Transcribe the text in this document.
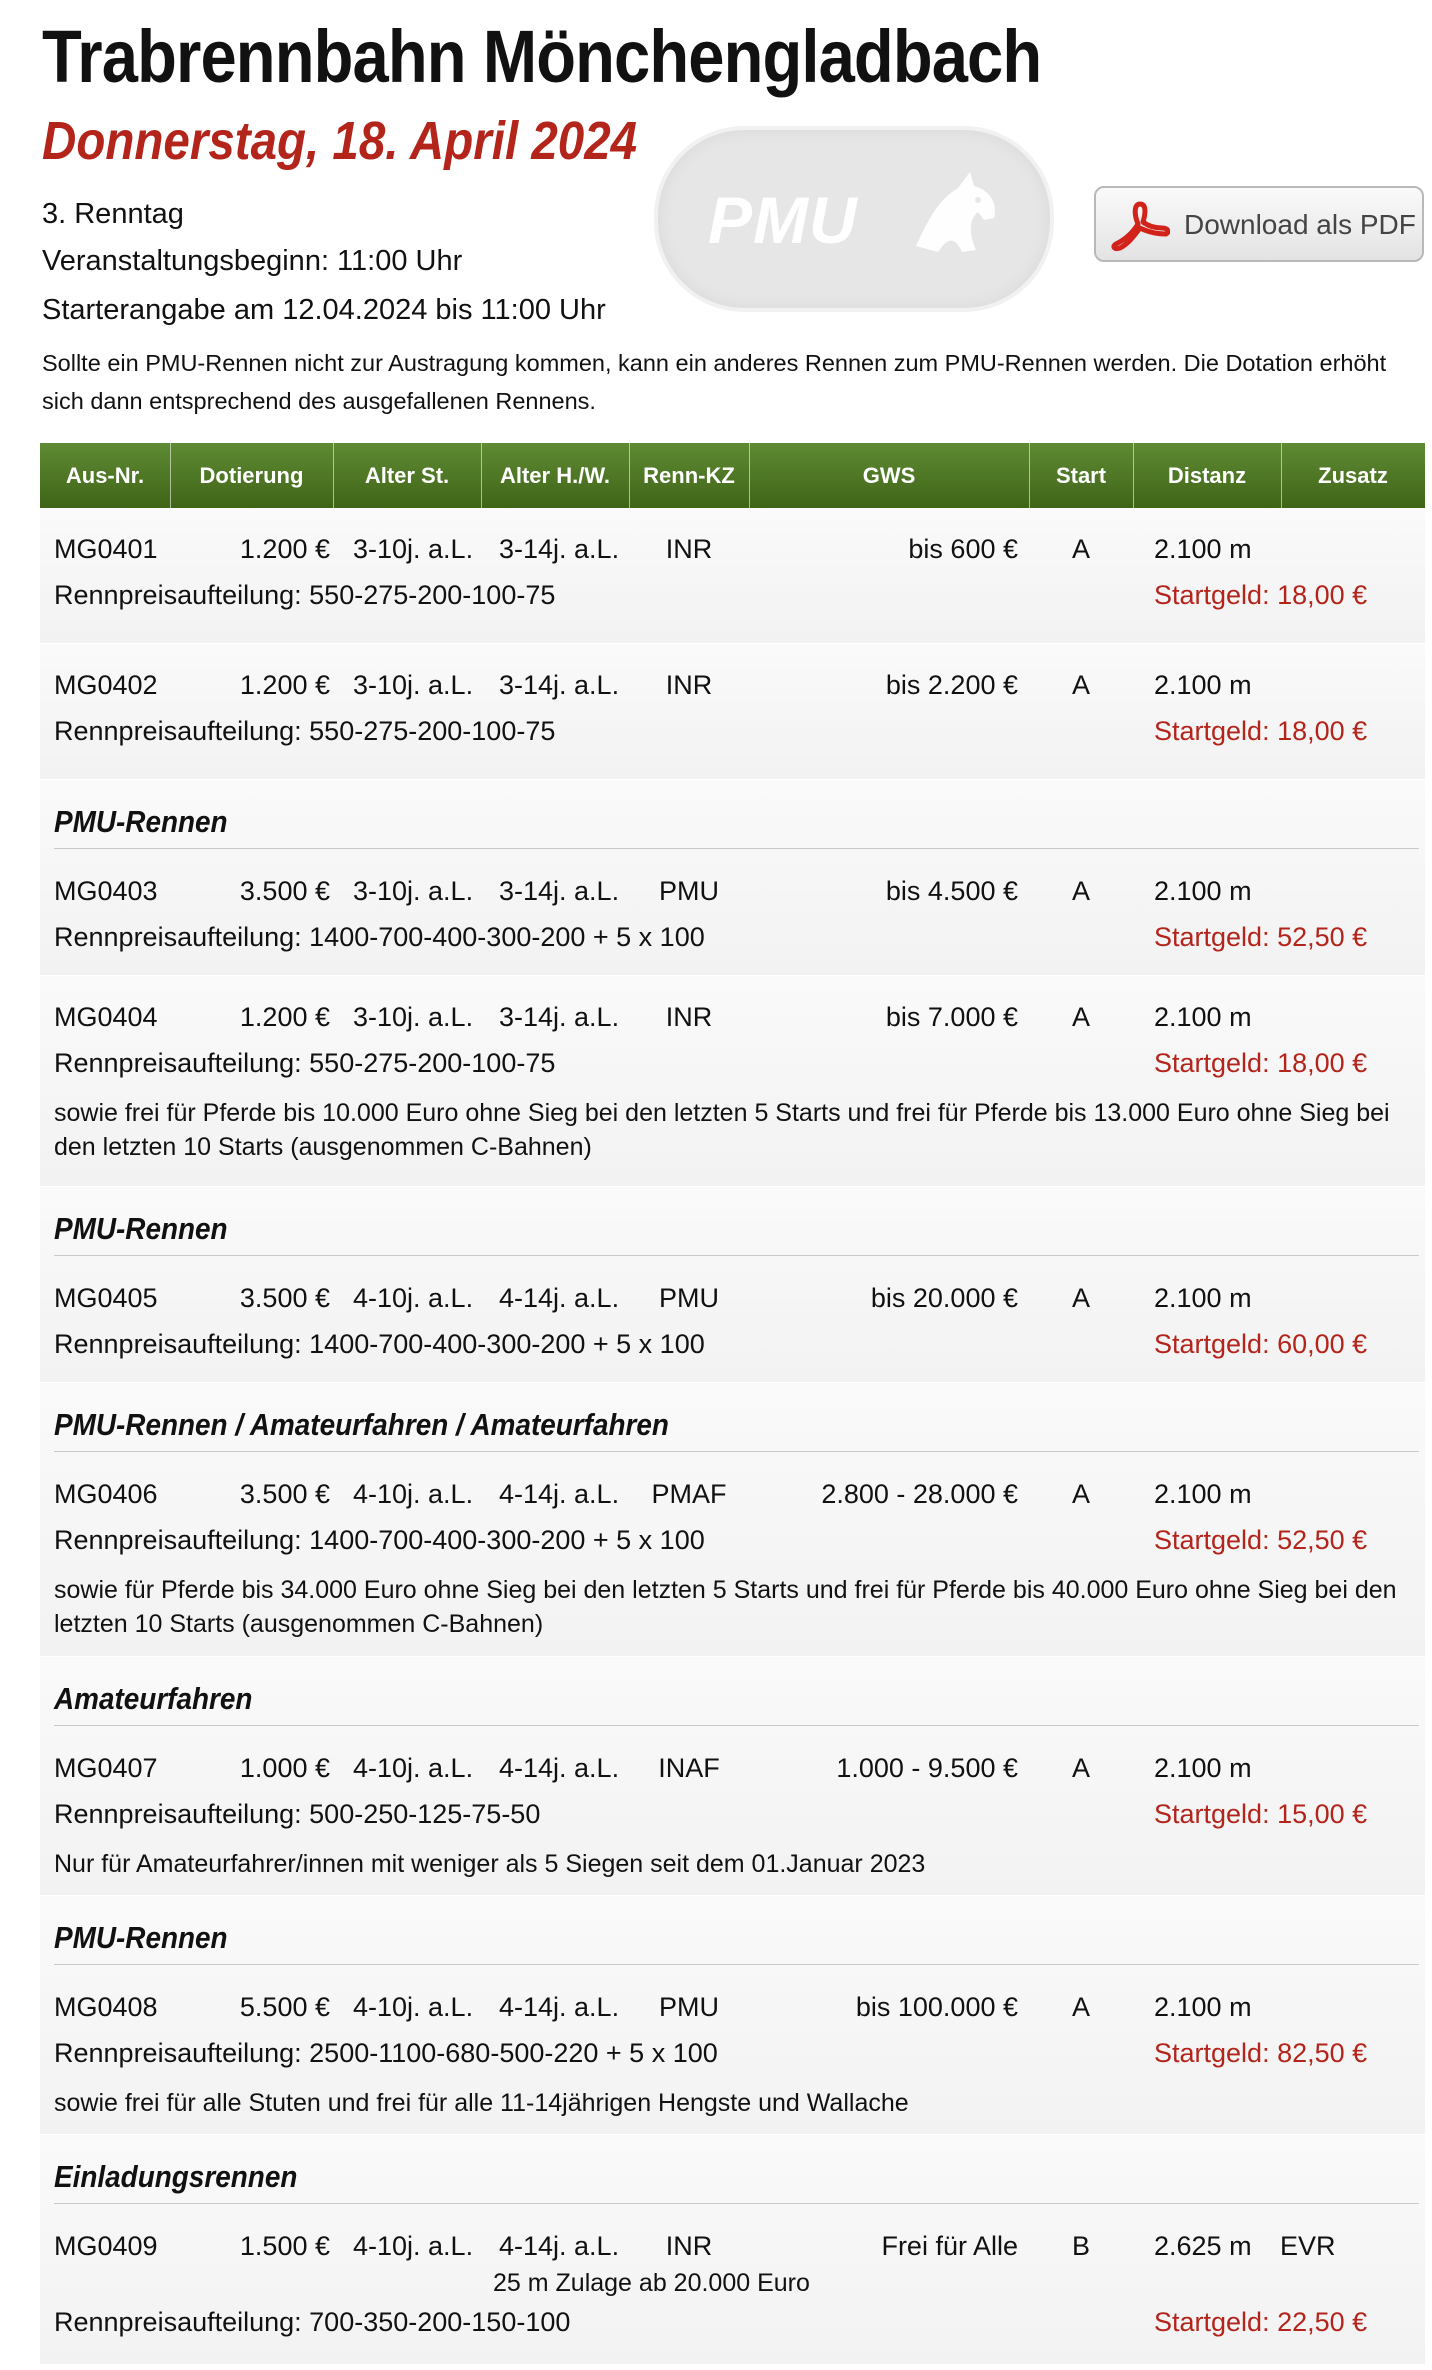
Trabrennbahn Mönchengladbach
Donnerstag, 18. April 2024
3. Renntag
Veranstaltungsbeginn: 11:00 Uhr
Starterangabe am 12.04.2024 bis 11:00 Uhr
Sollte ein PMU-Rennen nicht zur Austragung kommen, kann ein anderes Rennen zum PMU-Rennen werden. Die Dotation erhöht sich dann entsprechend des ausgefallenen Rennens.
PMU	Download als PDF
Aus-Nr.	Dotierung	Alter St.	Alter H./W.	Renn-KZ	GWS	Start	Distanz	Zusatz
MG0401	1.200 € 3-10j. a.L. 3-14j. a.L.	INR	bis 600 €	A	2.100 m
Rennpreisaufteilung: 550-275-200-100-75	Startgeld: 18,00 €
MG0402	1.200 € 3-10j. a.L. 3-14j. a.L.	INR	bis 2.200 €	A	2.100 m
Rennpreisaufteilung: 550-275-200-100-75	Startgeld: 18,00 €
PMU-Rennen
MG0403	3.500 € 3-10j. a.L. 3-14j. a.L.	PMU	bis 4.500 €	A	2.100 m
Rennpreisaufteilung: 1400-700-400-300-200 + 5 x 100	Startgeld: 52,50 €
MG0404	1.200 € 3-10j. a.L. 3-14j. a.L.	INR	bis 7.000 €	A	2.100 m
Rennpreisaufteilung: 550-275-200-100-75	Startgeld: 18,00 €
sowie frei für Pferde bis 10.000 Euro ohne Sieg bei den letzten 5 Starts und frei für Pferde bis 13.000 Euro ohne Sieg bei den letzten 10 Starts (ausgenommen C-Bahnen)
PMU-Rennen
MG0405	3.500 € 4-10j. a.L. 4-14j. a.L.	PMU	bis 20.000 €	A	2.100 m
Rennpreisaufteilung: 1400-700-400-300-200 + 5 x 100	Startgeld: 60,00 €
PMU-Rennen / Amateurfahren / Amateurfahren
MG0406	3.500 € 4-10j. a.L. 4-14j. a.L.	PMAF	2.800 - 28.000 €	A	2.100 m
Rennpreisaufteilung: 1400-700-400-300-200 + 5 x 100	Startgeld: 52,50 €
sowie für Pferde bis 34.000 Euro ohne Sieg bei den letzten 5 Starts und frei für Pferde bis 40.000 Euro ohne Sieg bei den letzten 10 Starts (ausgenommen C-Bahnen)
Amateurfahren
MG0407	1.000 € 4-10j. a.L. 4-14j. a.L.	INAF	1.000 - 9.500 €	A	2.100 m
Rennpreisaufteilung: 500-250-125-75-50	Startgeld: 15,00 €
Nur für Amateurfahrer/innen mit weniger als 5 Siegen seit dem 01.Januar 2023
PMU-Rennen
MG0408	5.500 € 4-10j. a.L. 4-14j. a.L.	PMU	bis 100.000 €	A	2.100 m
Rennpreisaufteilung: 2500-1100-680-500-220 + 5 x 100	Startgeld: 82,50 €
sowie frei für alle Stuten und frei für alle 11-14jährigen Hengste und Wallache
Einladungsrennen
MG0409	1.500 € 4-10j. a.L. 4-14j. a.L.	INR	Frei für Alle	B	2.625 m EVR
25 m Zulage ab 20.000 Euro
Rennpreisaufteilung: 700-350-200-150-100	Startgeld: 22,50 €
